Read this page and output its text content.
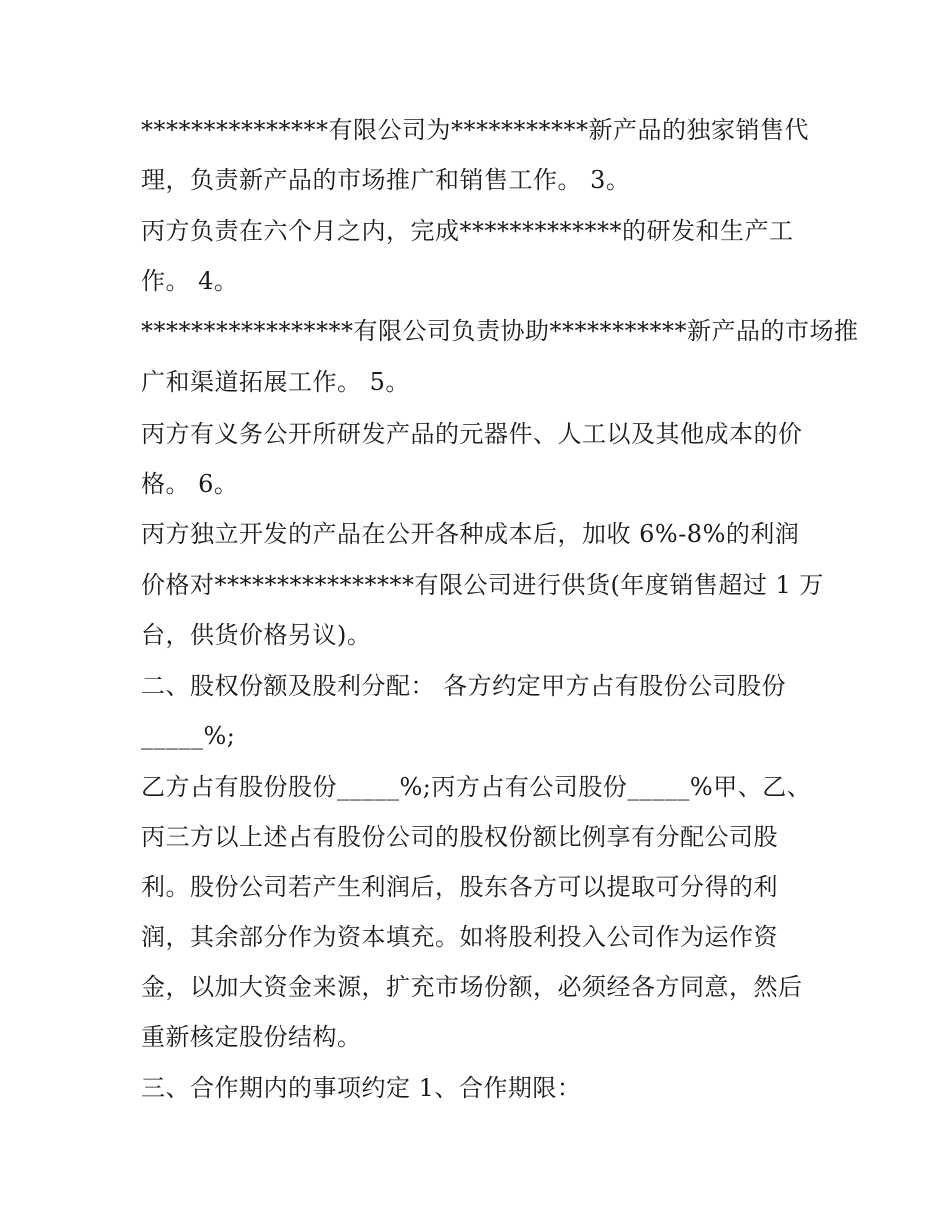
***************有限公司为***********新产品的独家销售代
理，负责新产品的市场推广和销售工作。 3。
丙方负责在六个月之内，完成*************的研发和生产工
作。 4。
*****************有限公司负责协助***********新产品的市场推
广和渠道拓展工作。 5。
丙方有义务公开所研发产品的元器件、人工以及其他成本的价
格。 6。
丙方独立开发的产品在公开各种成本后，加收 6%-8%的利润
价格对****************有限公司进行供货(年度销售超过 1 万
台，供货价格另议)。
二、股权份额及股利分配： 各方约定甲方占有股份公司股份
_____%;
乙方占有股份股份_____%;丙方占有公司股份_____%甲、乙、
丙三方以上述占有股份公司的股权份额比例享有分配公司股
利。股份公司若产生利润后，股东各方可以提取可分得的利
润，其余部分作为资本填充。如将股利投入公司作为运作资
金，以加大资金来源，扩充市场份额，必须经各方同意，然后
重新核定股份结构。
三、合作期内的事项约定 1、合作期限：
